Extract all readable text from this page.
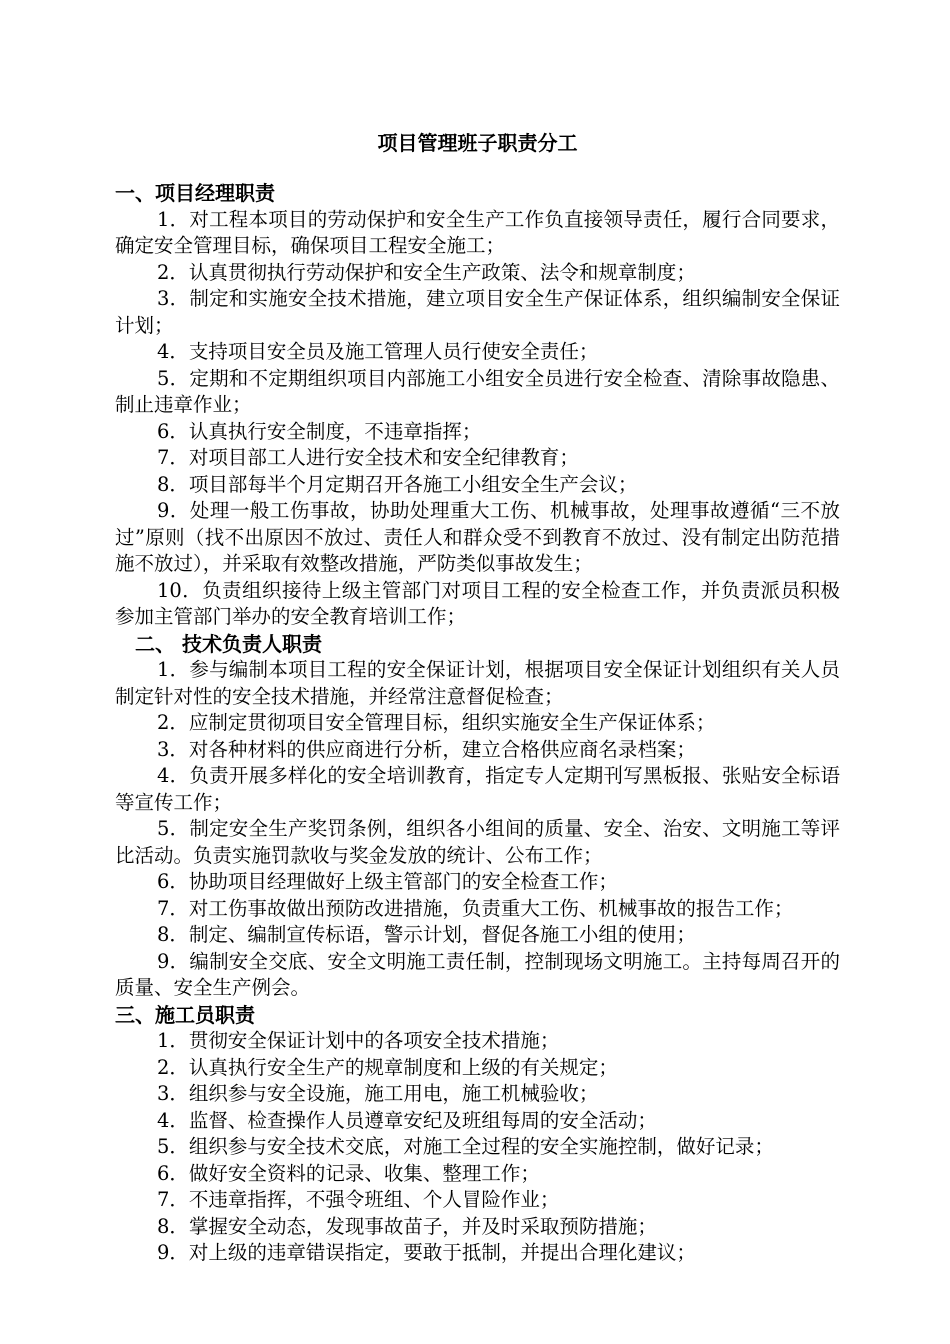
项目管理班子职责分工
一、项目经理职责

1．对工程本项目的劳动保护和安全生产工作负直接领导责任，履行合同要求，确定安全管理目标，确保项目工程安全施工；

2．认真贯彻执行劳动保护和安全生产政策、法令和规章制度；

3．制定和实施安全技术措施，建立项目安全生产保证体系，组织编制安全保证计划；

4．支持项目安全员及施工管理人员行使安全责任；

5．定期和不定期组织项目内部施工小组安全员进行安全检查、清除事故隐患、制止违章作业；

6．认真执行安全制度，不违章指挥；

7．对项目部工人进行安全技术和安全纪律教育；

8．项目部每半个月定期召开各施工小组安全生产会议；

9．处理一般工伤事故，协助处理重大工伤、机械事故，处理事故遵循“三不放过”原则（找不出原因不放过、责任人和群众受不到教育不放过、没有制定出防范措施不放过），并采取有效整改措施，严防类似事故发生；

10．负责组织接待上级主管部门对项目工程的安全检查工作，并负责派员积极参加主管部门举办的安全教育培训工作；

二、 技术负责人职责

1．参与编制本项目工程的安全保证计划，根据项目安全保证计划组织有关人员制定针对性的安全技术措施，并经常注意督促检查；

2．应制定贯彻项目安全管理目标，组织实施安全生产保证体系；

3．对各种材料的供应商进行分析，建立合格供应商名录档案；

4．负责开展多样化的安全培训教育，指定专人定期刊写黑板报、张贴安全标语等宣传工作；

5．制定安全生产奖罚条例，组织各小组间的质量、安全、治安、文明施工等评比活动。负责实施罚款收与奖金发放的统计、公布工作；

6．协助项目经理做好上级主管部门的安全检查工作；

7．对工伤事故做出预防改进措施，负责重大工伤、机械事故的报告工作；

8．制定、编制宣传标语，警示计划，督促各施工小组的使用；

9．编制安全交底、安全文明施工责任制，控制现场文明施工。主持每周召开的质量、安全生产例会。

三、施工员职责

1．贯彻安全保证计划中的各项安全技术措施；

2．认真执行安全生产的规章制度和上级的有关规定；

3．组织参与安全设施，施工用电，施工机械验收；

4．监督、检查操作人员遵章安纪及班组每周的安全活动；

5．组织参与安全技术交底，对施工全过程的安全实施控制，做好记录；

6．做好安全资料的记录、收集、整理工作；

7．不违章指挥，不强令班组、个人冒险作业；

8．掌握安全动态，发现事故苗子，并及时采取预防措施；

9．对上级的违章错误指定，要敢于抵制，并提出合理化建议；
